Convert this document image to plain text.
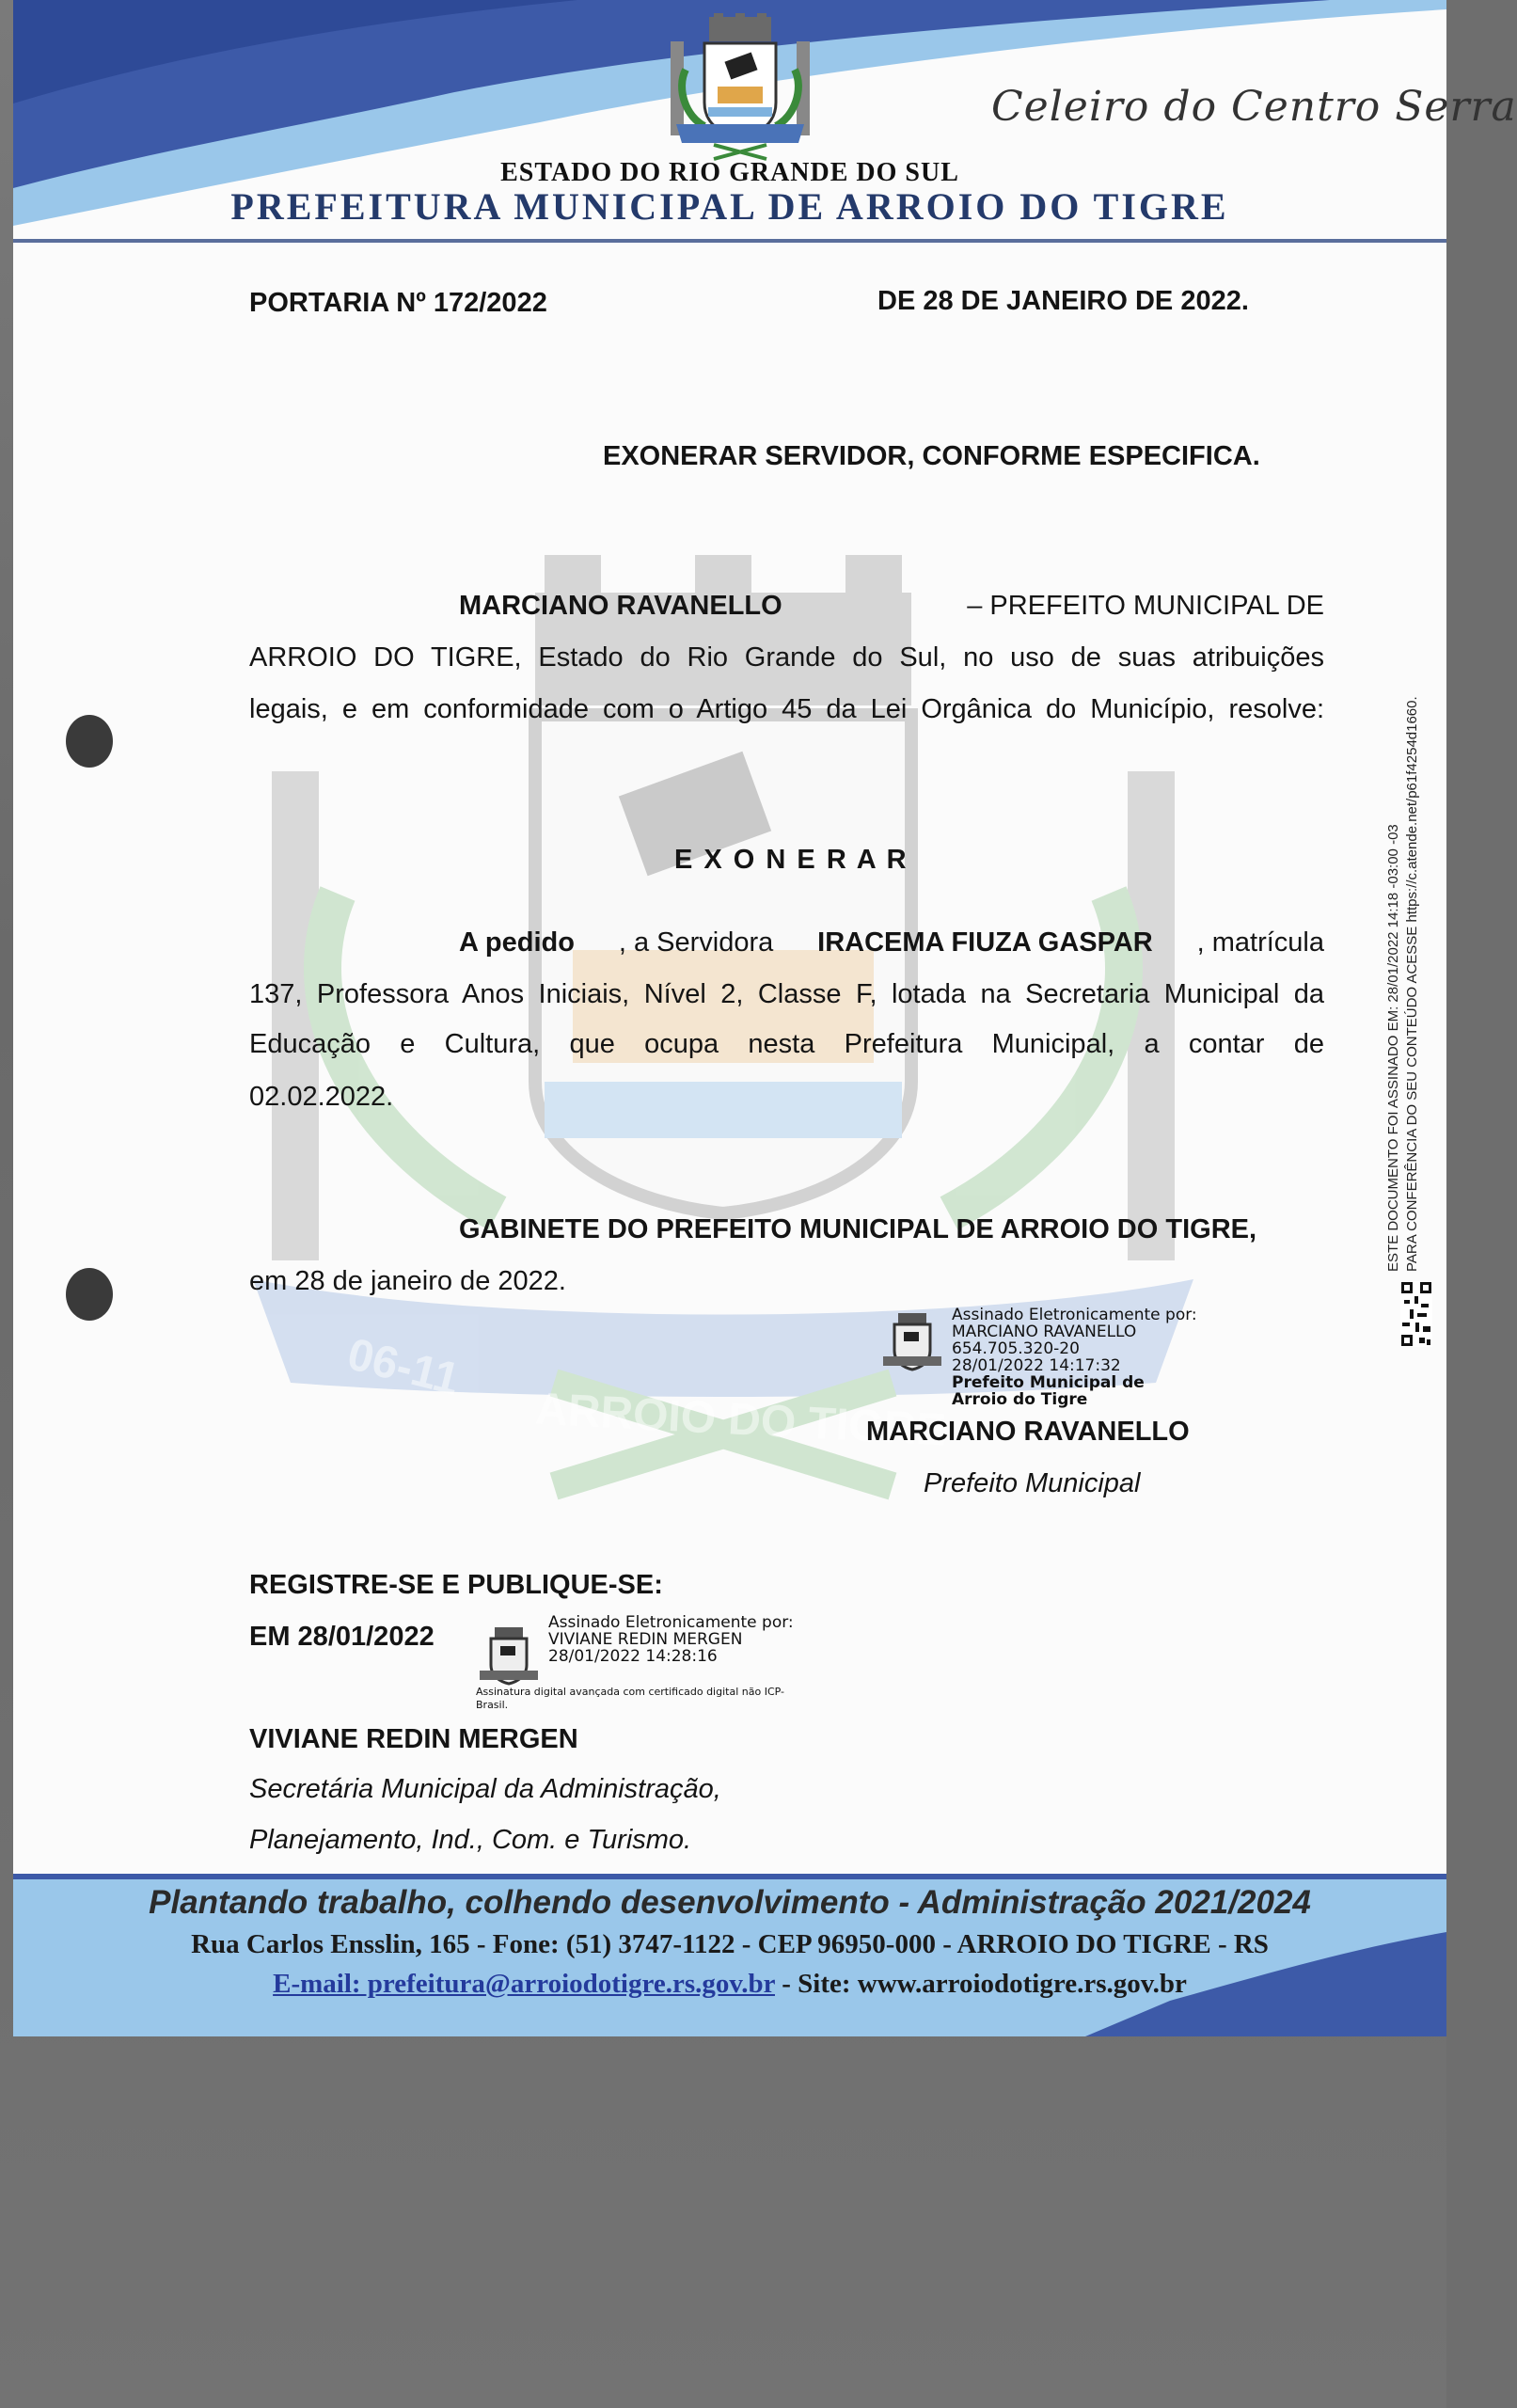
Celeiro do Centro Serra
ESTADO DO RIO GRANDE DO SUL
PREFEITURA MUNICIPAL DE ARROIO DO TIGRE
06-11
ARROIO DO TIGRE
PORTARIA Nº 172/2022	DE 28 DE JANEIRO DE 2022.
EXONERAR SERVIDOR, CONFORME ESPECIFICA.
MARCIANO RAVANELLO	– PREFEITO MUNICIPAL DE
ARROIO DO TIGRE, Estado do Rio Grande do Sul, no uso de suas atribuições
legais, e em conformidade com o Artigo 45 da Lei Orgânica do Município, resolve:
E X O N E R A R
A pedido , a Servidora IRACEMA FIUZA GASPAR , matrícula
137, Professora Anos Iniciais, Nível 2, Classe F, lotada na Secretaria Municipal da
Educação e Cultura, que ocupa nesta Prefeitura Municipal, a contar de
02.02.2022.
GABINETE DO PREFEITO MUNICIPAL DE ARROIO DO TIGRE,
em 28 de janeiro de 2022.
Assinado Eletronicamente por:
MARCIANO RAVANELLO
654.705.320-20
28/01/2022 14:17:32
Prefeito Municipal de
Arroio do Tigre
MARCIANO RAVANELLO
Prefeito Municipal
REGISTRE-SE E PUBLIQUE-SE:
EM 28/01/2022	Assinado Eletronicamente por:
VIVIANE REDIN MERGEN
28/01/2022 14:28:16
Assinatura digital avançada com certificado digital não ICP-
Brasil.
VIVIANE REDIN MERGEN
Secretária Municipal da Administração,
Planejamento, Ind., Com. e Turismo.
ESTE DOCUMENTO FOI ASSINADO EM: 28/01/2022 14:18 -03:00 -03 PARA CONFERÊNCIA DO SEU CONTEÚDO ACESSE https://c.atende.net/p61f4254d1660.
Plantando trabalho, colhendo desenvolvimento - Administração 2021/2024
Rua Carlos Ensslin, 165 - Fone: (51) 3747-1122 - CEP 96950-000 - ARROIO DO TIGRE - RS
E-mail: prefeitura@arroiodotigre.rs.gov.br - Site: www.arroiodotigre.rs.gov.br
